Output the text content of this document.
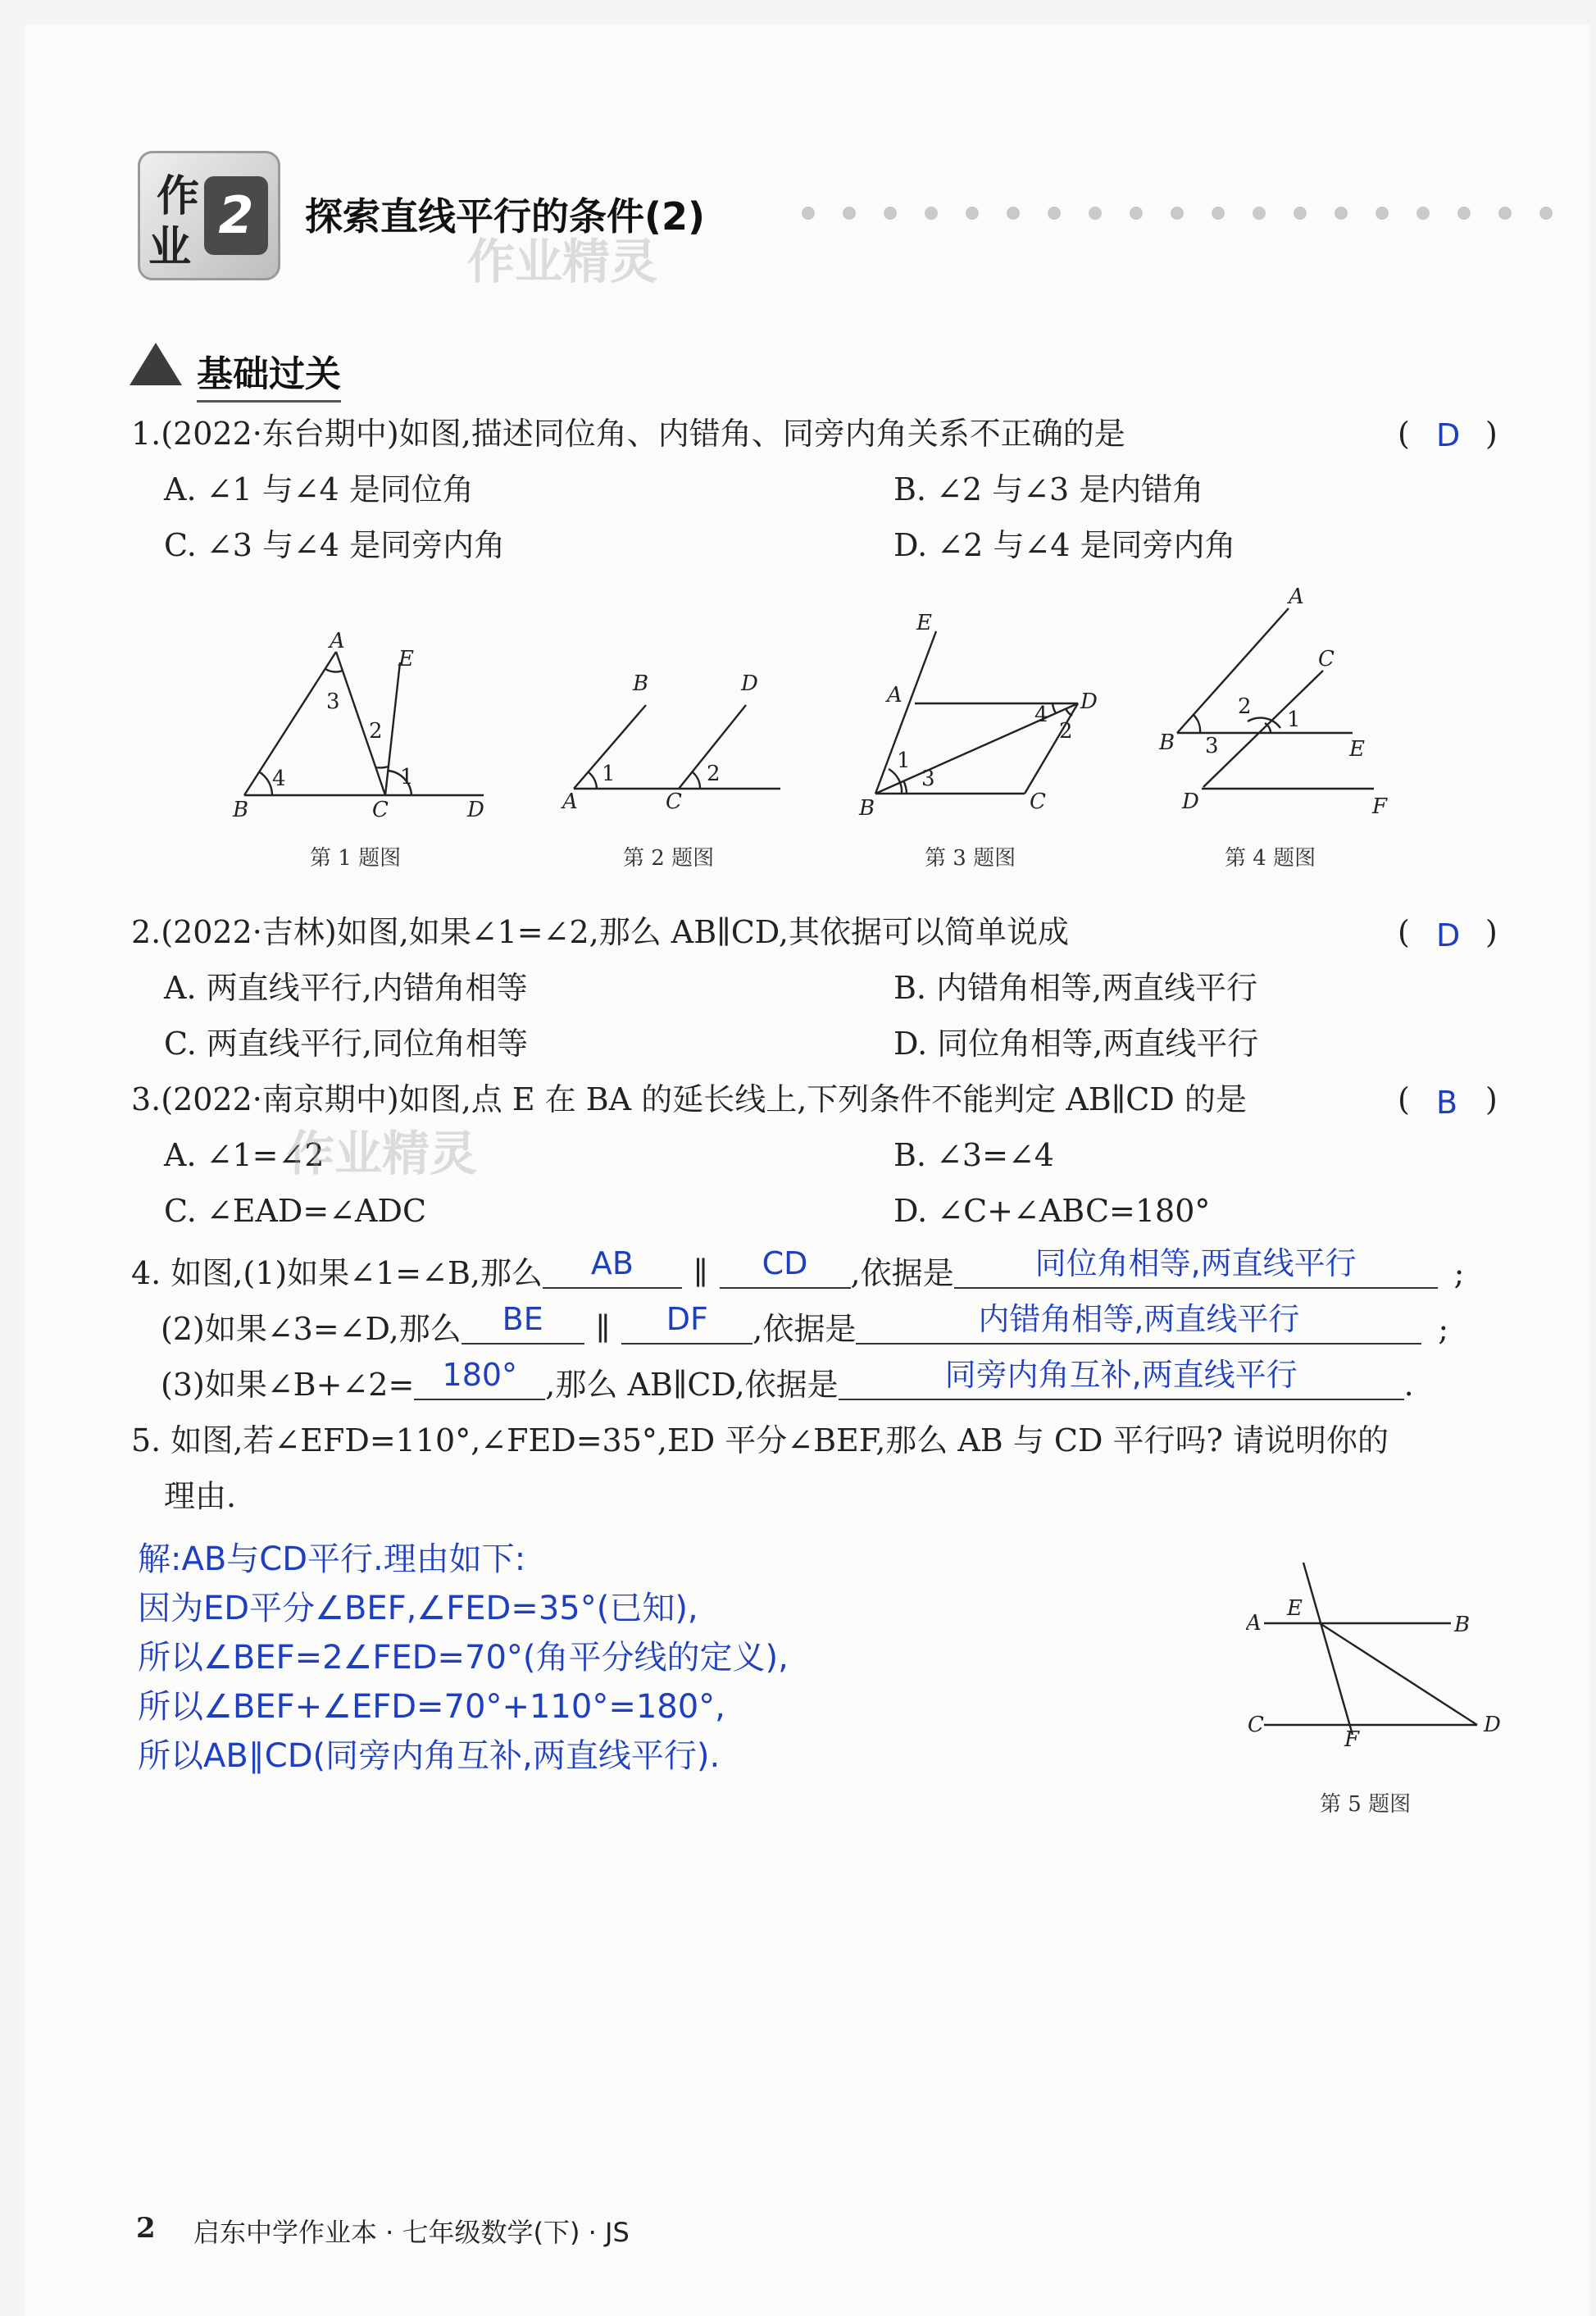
作
业
2	探索直线平行的条件(2)
作业精灵
基础过关
1.(2022·东台期中)如图,描述同位角、内错角、同旁内角关系不正确的是	( D )
A. ∠1 与∠4 是同位角	B. ∠2 与∠3 是内错角
C. ∠3 与∠4 是同旁内角	D. ∠2 与∠4 是同旁内角
A
E
3
2
4	1
B	C	D
第 1 题图
B	D
1	2
A	C
第 2 题图
E
A	D
4
2
1
3
B	C
第 3 题图
A
C
2
1
B 3	E
D	F
第 4 题图
2.(2022·吉林)如图,如果∠1=∠2,那么 AB∥CD,其依据可以简单说成	( D )
A. 两直线平行,内错角相等	B. 内错角相等,两直线平行
C. 两直线平行,同位角相等	D. 同位角相等,两直线平行
3.(2022·南京期中)如图,点 E 在 BA 的延长线上,下列条件不能判定 AB∥CD 的是	( B )
A. ∠1=∠2	B. ∠3=∠4
C. ∠EAD=∠ADC	D. ∠C+∠ABC=180°
作业精灵
4. 如图,(1)如果∠1=∠B,那么 AB ∥ CD ,依据是	同位角相等,两直线平行	;
(2)如果∠3=∠D,那么 BE ∥ DF ,依据是	内错角相等,两直线平行	;
(3)如果∠B+∠2= 180° ,那么 AB∥CD,依据是	同旁内角互补,两直线平行	.
5. 如图,若∠EFD=110°,∠FED=35°,ED 平分∠BEF,那么 AB 与 CD 平行吗? 请说明你的
理由.
解:AB与CD平行.理由如下:
因为ED平分∠BEF,∠FED=35°(已知),
所以∠BEF=2∠FED=70°(角平分线的定义),
所以∠BEF+∠EFD=70°+110°=180°,
所以AB∥CD(同旁内角互补,两直线平行).
A
E
B
C
F
D
第 5 题图
2 启东中学作业本 · 七年级数学(下) · JS
